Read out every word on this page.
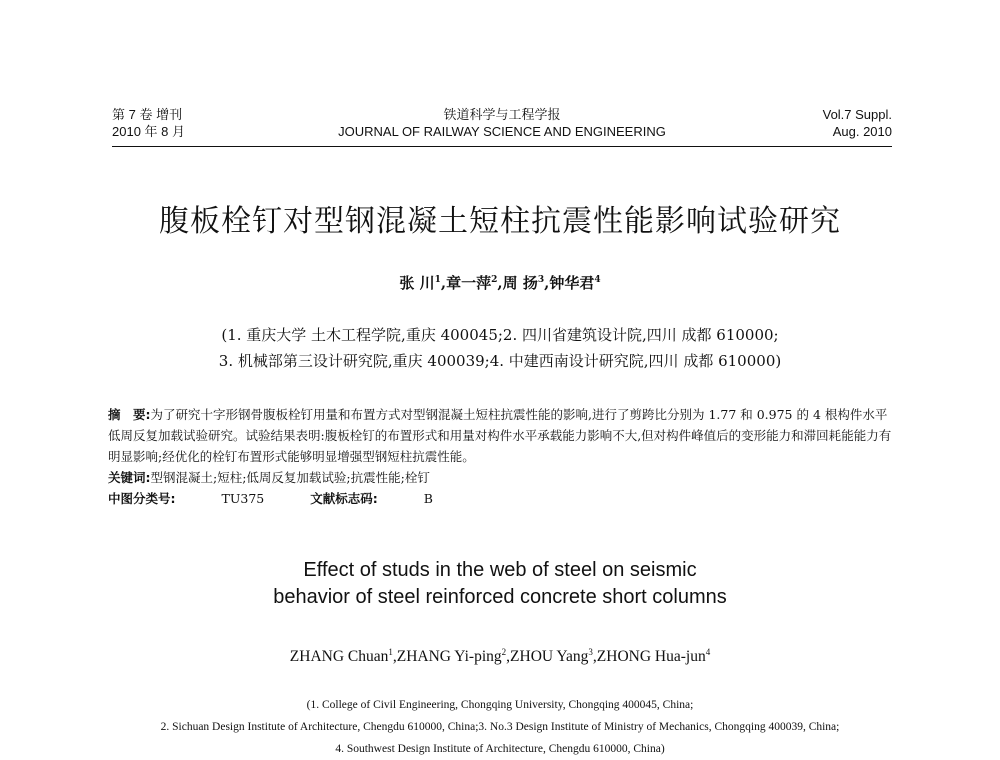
第 7 卷 增刊
2010 年 8 月
铁道科学与工程学报
JOURNAL OF RAILWAY SCIENCE AND ENGINEERING
Vol.7 Suppl.
Aug. 2010
腹板栓钉对型钢混凝土短柱抗震性能影响试验研究
张 川$^1$,章一萍$^2$,周 扬$^3$,钟华君$^4$
(1. 重庆大学 土木工程学院,重庆 400045;2. 四川省建筑设计院,四川 成都 610000;
3. 机械部第三设计研究院,重庆 400039;4. 中建西南设计研究院,四川 成都 610000)

摘　要:为了研究十字形钢骨腹板栓钉用量和布置方式对型钢混凝土短柱抗震性能的影响,进行了剪跨比分别为 1.77 和 0.975 的 4 根构件水平低周反复加载试验研究。试验结果表明:腹板栓钉的布置形式和用量对构件水平承载能力影响不大,但对构件峰值后的变形能力和滞回耗能能力有明显影响;经优化的栓钉布置形式能够明显增强型钢短柱抗震性能。

关键词:型钢混凝土;短柱;低周反复加载试验;抗震性能;栓钉

中图分类号:	TU375	文献标志码:	B

Effect of studs in the web of steel on seismic
behavior of steel reinforced concrete short columns
ZHANG Chuan$^1$,ZHANG Yi-ping$^2$,ZHOU Yang$^3$,ZHONG Hua-jun$^4$
(1. College of Civil Engineering, Chongqing University, Chongqing 400045, China;
2. Sichuan Design Institute of Architecture, Chengdu 610000, China;3. No.3 Design Institute of Ministry of Mechanics, Chongqing 400039, China;
4. Southwest Design Institute of Architecture, Chengdu 610000, China)
